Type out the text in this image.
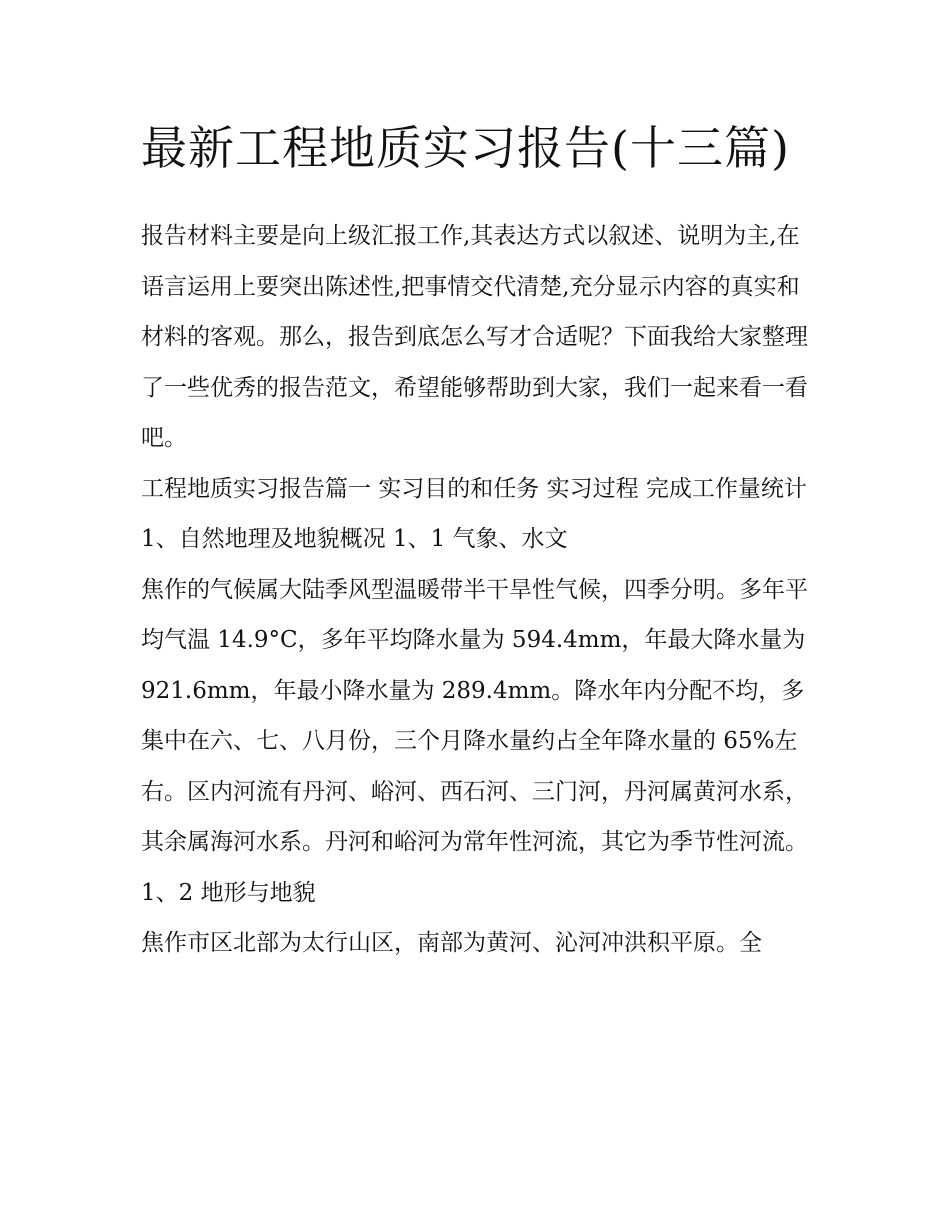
最新工程地质实习报告(十三篇)

报告材料主要是向上级汇报工作,其表达方式以叙述、说明为主,在语言运用上要突出陈述性,把事情交代清楚,充分显示内容的真实和材料的客观。那么，报告到底怎么写才合适呢？下面我给大家整理了一些优秀的报告范文，希望能够帮助到大家，我们一起来看一看吧。

工程地质实习报告篇一 实习目的和任务 实习过程 完成工作量统计 1、自然地理及地貌概况 1、1 气象、水文

焦作的气候属大陆季风型温暖带半干旱性气候，四季分明。多年平均气温 14.9°C，多年平均降水量为 594.4mm，年最大降水量为 921.6mm，年最小降水量为 289.4mm。降水年内分配不均，多集中在六、七、八月份，三个月降水量约占全年降水量的 65%左右。区内河流有丹河、峪河、西石河、三门河，丹河属黄河水系，其余属海河水系。丹河和峪河为常年性河流，其它为季节性河流。

1、2 地形与地貌

焦作市区北部为太行山区，南部为黄河、沁河冲洪积平原。全
